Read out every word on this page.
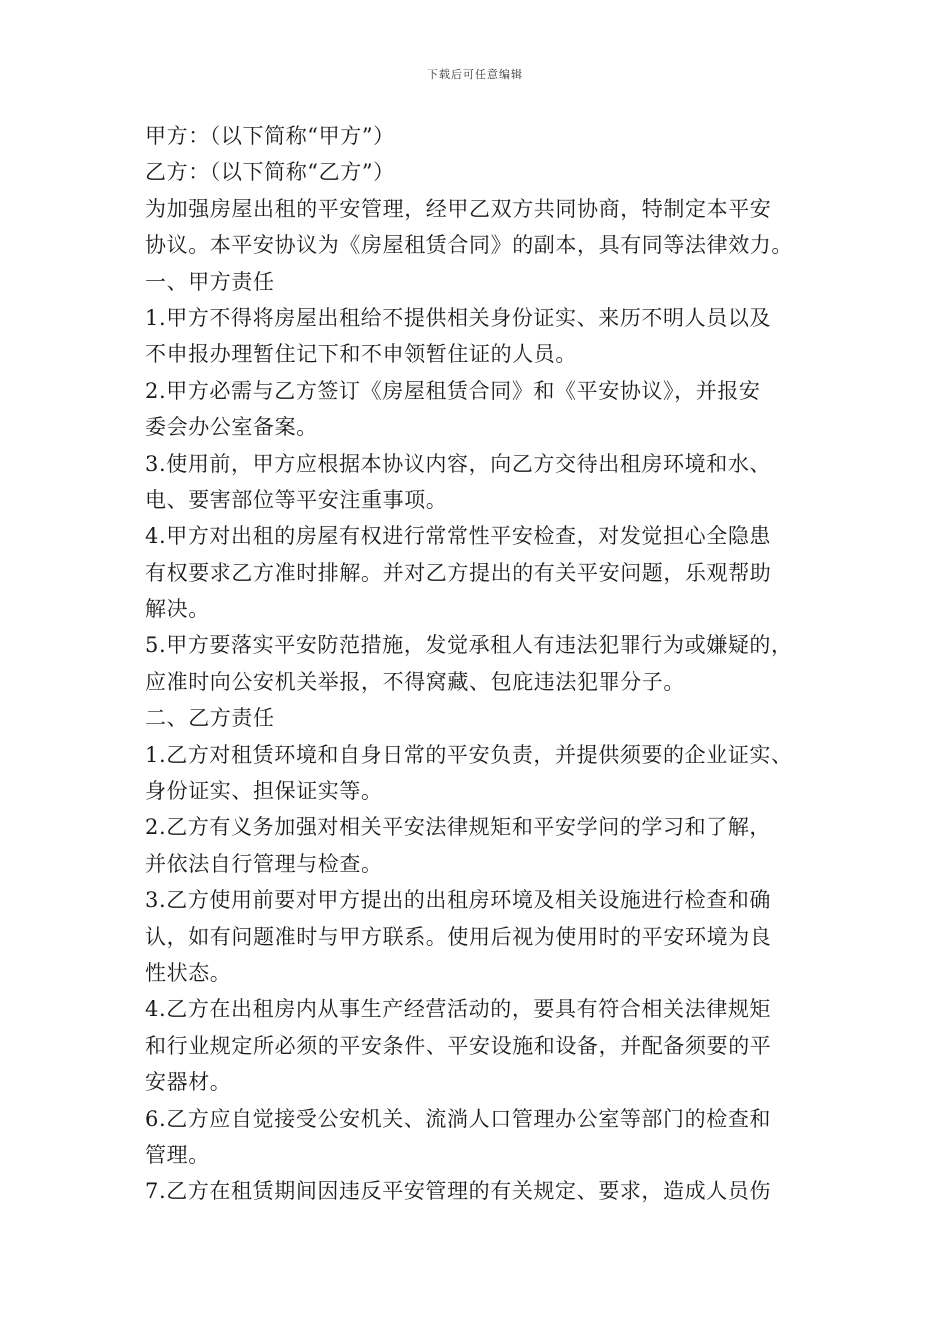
下载后可任意编辑
甲方：（以下简称“甲方”）
乙方：（以下简称“乙方”）
为加强房屋出租的平安管理，经甲乙双方共同协商，特制定本平安
协议。本平安协议为《房屋租赁合同》的副本，具有同等法律效力。
一、甲方责任
1.甲方不得将房屋出租给不提供相关身份证实、来历不明人员以及
不申报办理暂住记下和不申领暂住证的人员。
2.甲方必需与乙方签订《房屋租赁合同》和《平安协议》，并报安
委会办公室备案。
3.使用前，甲方应根据本协议内容，向乙方交待出租房环境和水、
电、要害部位等平安注重事项。
4.甲方对出租的房屋有权进行常常性平安检查，对发觉担心全隐患
有权要求乙方准时排解。并对乙方提出的有关平安问题，乐观帮助
解决。
5.甲方要落实平安防范措施，发觉承租人有违法犯罪行为或嫌疑的，
应准时向公安机关举报，不得窝藏、包庇违法犯罪分子。
二、乙方责任
1.乙方对租赁环境和自身日常的平安负责，并提供须要的企业证实、
身份证实、担保证实等。
2.乙方有义务加强对相关平安法律规矩和平安学问的学习和了解，
并依法自行管理与检查。
3.乙方使用前要对甲方提出的出租房环境及相关设施进行检查和确
认，如有问题准时与甲方联系。使用后视为使用时的平安环境为良
性状态。
4.乙方在出租房内从事生产经营活动的，要具有符合相关法律规矩
和行业规定所必须的平安条件、平安设施和设备，并配备须要的平
安器材。
6.乙方应自觉接受公安机关、流淌人口管理办公室等部门的检查和
管理。
7.乙方在租赁期间因违反平安管理的有关规定、要求，造成人员伤
